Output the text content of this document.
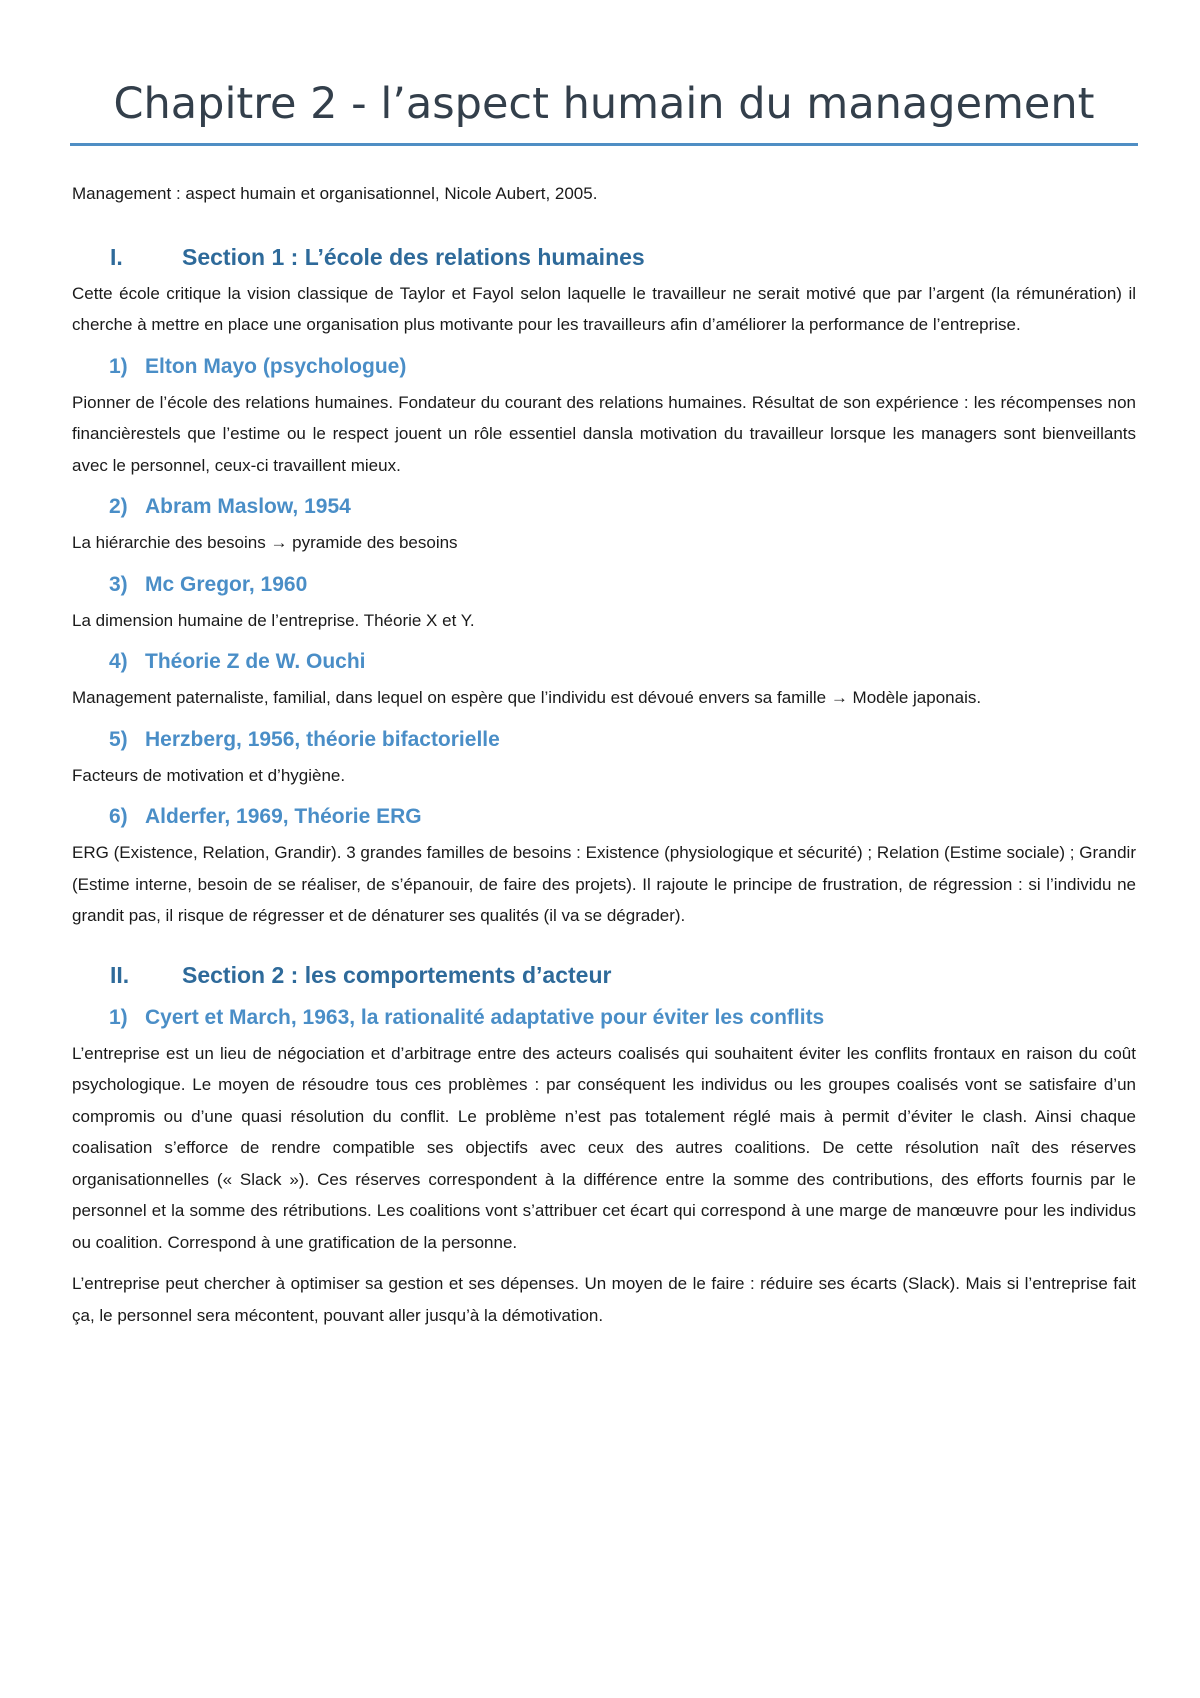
Chapitre 2 - l’aspect humain du management

Management : aspect humain et organisationnel, Nicole Aubert, 2005.

I.	Section 1 : L’école des relations humaines

Cette école critique la vision classique de Taylor et Fayol selon laquelle le travailleur ne serait motivé que par l’argent (la rémunération) il cherche à mettre en place une organisation plus motivante pour les travailleurs afin d’améliorer la performance de l’entreprise.

1) Elton Mayo (psychologue)

Pionner de l’école des relations humaines. Fondateur du courant des relations humaines. Résultat de son expérience : les récompenses non financièrestels que l’estime ou le respect jouent un rôle essentiel dansla motivation du travailleur lorsque les managers sont bienveillants avec le personnel, ceux-ci travaillent mieux.

2) Abram Maslow, 1954

La hiérarchie des besoins → pyramide des besoins

3) Mc Gregor, 1960

La dimension humaine de l’entreprise. Théorie X et Y.

4) Théorie Z de W. Ouchi

Management paternaliste, familial, dans lequel on espère que l’individu est dévoué envers sa famille → Modèle japonais.

5) Herzberg, 1956, théorie bifactorielle

Facteurs de motivation et d’hygiène.

6) Alderfer, 1969, Théorie ERG

ERG (Existence, Relation, Grandir). 3 grandes familles de besoins : Existence (physiologique et sécurité) ; Relation (Estime sociale) ; Grandir (Estime interne, besoin de se réaliser, de s’épanouir, de faire des projets). Il rajoute le principe de frustration, de régression : si l’individu ne grandit pas, il risque de régresser et de dénaturer ses qualités (il va se dégrader).

II.	Section 2 : les comportements d’acteur
1) Cyert et March, 1963, la rationalité adaptative pour éviter les conflits

L’entreprise est un lieu de négociation et d’arbitrage entre des acteurs coalisés qui souhaitent éviter les conflits frontaux en raison du coût psychologique. Le moyen de résoudre tous ces problèmes : par conséquent les individus ou les groupes coalisés vont se satisfaire d’un compromis ou d’une quasi résolution du conflit. Le problème n’est pas totalement réglé mais à permit d’éviter le clash. Ainsi chaque coalisation s’efforce de rendre compatible ses objectifs avec ceux des autres coalitions. De cette résolution naît des réserves organisationnelles (« Slack »). Ces réserves correspondent à la différence entre la somme des contributions, des efforts fournis par le personnel et la somme des rétributions. Les coalitions vont s’attribuer cet écart qui correspond à une marge de manœuvre pour les individus ou coalition. Correspond à une gratification de la personne.

L’entreprise peut chercher à optimiser sa gestion et ses dépenses. Un moyen de le faire : réduire ses écarts (Slack). Mais si l’entreprise fait ça, le personnel sera mécontent, pouvant aller jusqu’à la démotivation.
